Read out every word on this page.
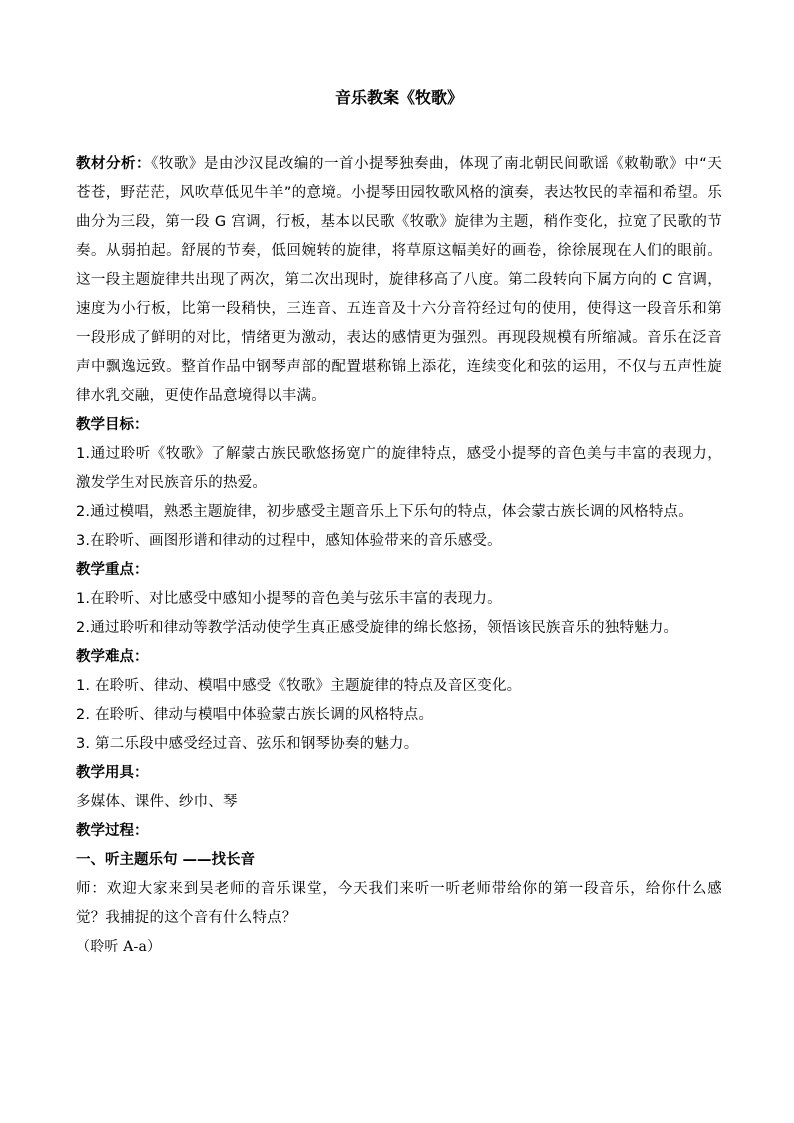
音乐教案《牧歌》

教材分析：《牧歌》是由沙汉昆改编的一首小提琴独奏曲，体现了南北朝民间歌谣《敕勒歌》中“天苍苍，野茫茫，风吹草低见牛羊”的意境。小提琴田园牧歌风格的演奏，表达牧民的幸福和希望。乐曲分为三段，第一段 G 宫调，行板，基本以民歌《牧歌》旋律为主题，稍作变化，拉宽了民歌的节奏。从弱拍起。舒展的节奏，低回婉转的旋律，将草原这幅美好的画卷，徐徐展现在人们的眼前。这一段主题旋律共出现了两次，第二次出现时，旋律移高了八度。第二段转向下属方向的 C 宫调，速度为小行板，比第一段稍快，三连音、五连音及十六分音符经过句的使用，使得这一段音乐和第一段形成了鲜明的对比，情绪更为激动，表达的感情更为强烈。再现段规模有所缩减。音乐在泛音声中飘逸远致。整首作品中钢琴声部的配置堪称锦上添花，连续变化和弦的运用，不仅与五声性旋律水乳交融，更使作品意境得以丰满。

教学目标：

1.通过聆听《牧歌》了解蒙古族民歌悠扬宽广的旋律特点，感受小提琴的音色美与丰富的表现力，激发学生对民族音乐的热爱。

2.通过模唱，熟悉主题旋律，初步感受主题音乐上下乐句的特点，体会蒙古族长调的风格特点。

3.在聆听、画图形谱和律动的过程中，感知体验带来的音乐感受。

教学重点：

1.在聆听、对比感受中感知小提琴的音色美与弦乐丰富的表现力。

2.通过聆听和律动等教学活动使学生真正感受旋律的绵长悠扬，领悟该民族音乐的独特魅力。

教学难点：

1. 在聆听、律动、模唱中感受《牧歌》主题旋律的特点及音区变化。

2. 在聆听、律动与模唱中体验蒙古族长调的风格特点。

3. 第二乐段中感受经过音、弦乐和钢琴协奏的魅力。

教学用具：

多媒体、课件、纱巾、琴

教学过程：

一、听主题乐句 ——找长音

师：欢迎大家来到吴老师的音乐课堂，今天我们来听一听老师带给你的第一段音乐，给你什么感觉？我捕捉的这个音有什么特点？

（聆听 A-a）
